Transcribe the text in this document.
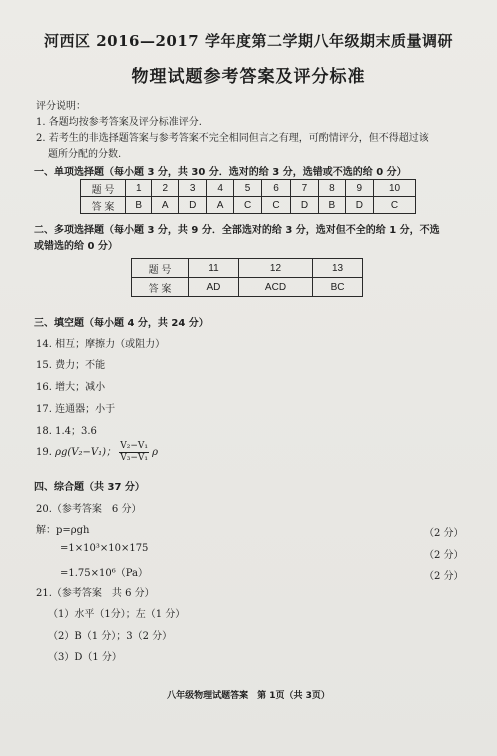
河西区 2016—2017 学年度第二学期八年级期末质量调研
物理试题参考答案及评分标准
评分说明：
1. 各题均按参考答案及评分标准评分.
2. 若考生的非选择题答案与参考答案不完全相同但言之有理，可酌情评分，但不得超过该
题所分配的分数.
一、单项选择题（每小题 3 分，共 30 分．选对的给 3 分，选错或不选的给 0 分）
题 号	1	2	3	4	5	6	7	8	9	10
答 案	B	A	D	A	C	C	D	B	D	C
二、多项选择题（每小题 3 分，共 9 分．全部选对的给 3 分，选对但不全的给 1 分，不选
或错选的给 0 分）
题 号	11	12	13
答 案	AD	ACD	BC
三、填空题（每小题 4 分，共 24 分）
14. 相互；摩擦力（或阻力）
15. 费力；不能
16. 增大；减小
17. 连通器；小于
18. 1.4；3.6
19. ρg(V₂−V₁)； $\frac{\text{V₂−V₁}}{\text{V₃−V₁}}$ ρ
四、综合题（共 37 分）
20.（参考答案　6 分）
解：p=ρgh
=1×10³×10×175
=1.75×10⁶（Pa）
（2 分）
（2 分）
（2 分）
21.（参考答案　共 6 分）
（1）水平（1分）；左（1 分）
（2）B（1 分）；3（2 分）
（3）D（1 分）
八年级物理试题答案　第 1页（共 3页）
